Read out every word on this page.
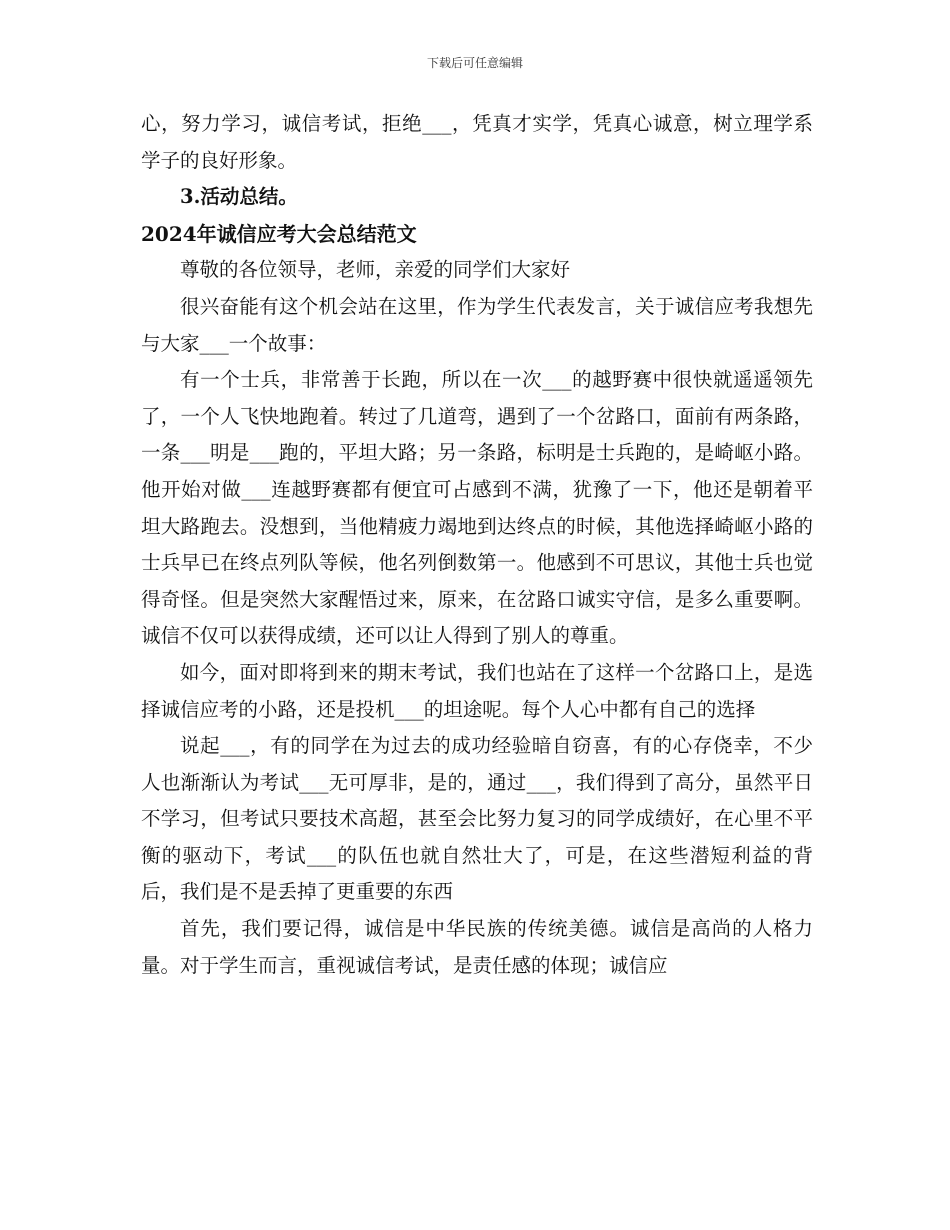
下载后可任意编辑

心，努力学习，诚信考试，拒绝___，凭真才实学，凭真心诚意，树立理学系学子的良好形象。

3.活动总结。

2024年诚信应考大会总结范文

尊敬的各位领导，老师，亲爱的同学们大家好

很兴奋能有这个机会站在这里，作为学生代表发言，关于诚信应考我想先与大家___一个故事：

有一个士兵，非常善于长跑，所以在一次___的越野赛中很快就遥遥领先了，一个人飞快地跑着。转过了几道弯，遇到了一个岔路口，面前有两条路，一条___明是___跑的，平坦大路；另一条路，标明是士兵跑的，是崎岖小路。他开始对做___连越野赛都有便宜可占感到不满，犹豫了一下，他还是朝着平坦大路跑去。没想到，当他精疲力竭地到达终点的时候，其他选择崎岖小路的士兵早已在终点列队等候，他名列倒数第一。他感到不可思议，其他士兵也觉得奇怪。但是突然大家醒悟过来，原来，在岔路口诚实守信，是多么重要啊。诚信不仅可以获得成绩，还可以让人得到了别人的尊重。

如今，面对即将到来的期末考试，我们也站在了这样一个岔路口上，是选择诚信应考的小路，还是投机___的坦途呢。每个人心中都有自己的选择

说起___，有的同学在为过去的成功经验暗自窃喜，有的心存侥幸，不少人也渐渐认为考试___无可厚非，是的，通过___，我们得到了高分，虽然平日不学习，但考试只要技术高超，甚至会比努力复习的同学成绩好，在心里不平衡的驱动下，考试___的队伍也就自然壮大了，可是，在这些潜短利益的背后，我们是不是丢掉了更重要的东西

首先，我们要记得，诚信是中华民族的传统美德。诚信是高尚的人格力量。对于学生而言，重视诚信考试，是责任感的体现；诚信应
